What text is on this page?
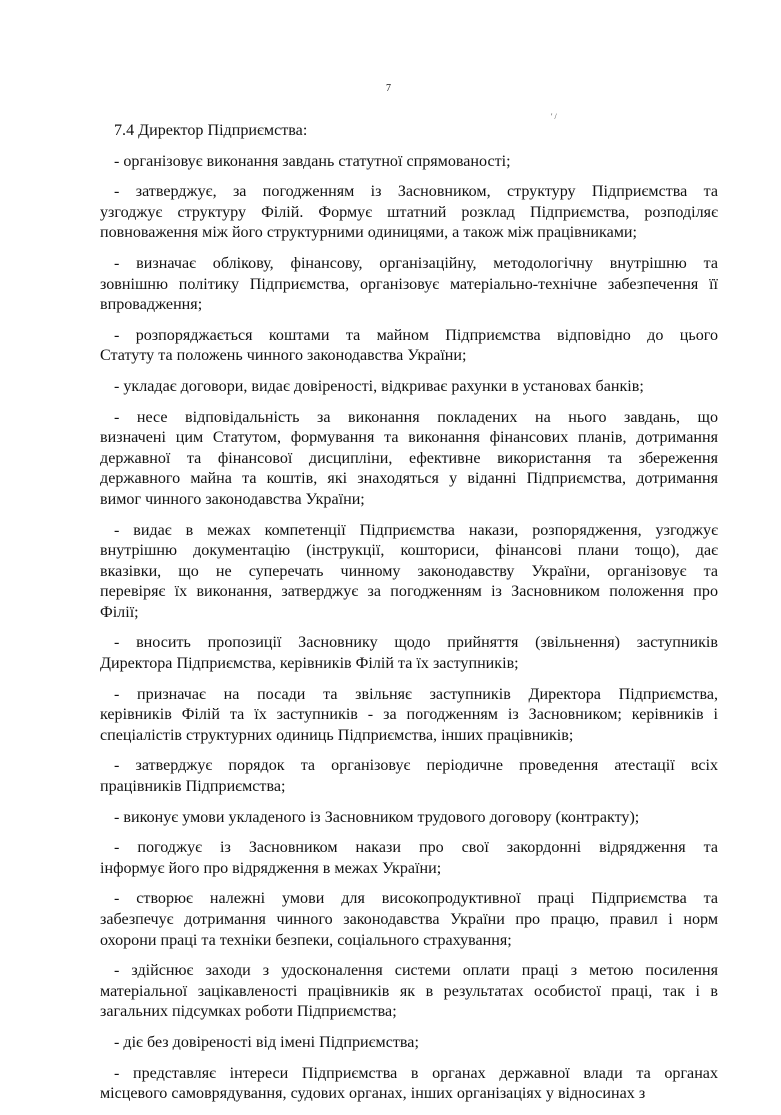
7
' /

7.4 Директор Підприємства:

- організовує виконання завдань статутної спрямованості;
- затверджує, за погодженням із Засновником, структуру Підприємства та
узгоджує структуру Філій. Формує штатний розклад Підприємства, розподіляє
повноваження між його структурними одиницями, а також між працівниками;
- визначає облікову, фінансову, організаційну, методологічну внутрішню та
зовнішню політику Підприємства, організовує матеріально-технічне забезпечення її
впровадження;
- розпоряджається коштами та майном Підприємства відповідно до цього
Статуту та положень чинного законодавства України;
- укладає договори, видає довіреності, відкриває рахунки в установах банків;
- несе відповідальність за виконання покладених на нього завдань, що
визначені цим Статутом, формування та виконання фінансових планів, дотримання
державної та фінансової дисципліни, ефективне використання та збереження
державного майна та коштів, які знаходяться у віданні Підприємства, дотримання
вимог чинного законодавства України;
- видає в межах компетенції Підприємства накази, розпорядження, узгоджує
внутрішню документацію (інструкції, кошториси, фінансові плани тощо), дає
вказівки, що не суперечать чинному законодавству України, організовує та
перевіряє їх виконання, затверджує за погодженням із Засновником положення про
Філії;
- вносить пропозиції Засновнику щодо прийняття (звільнення) заступників
Директора Підприємства, керівників Філій та їх заступників;
- призначає на посади та звільняє заступників Директора Підприємства,
керівників Філій та їх заступників - за погодженням із Засновником; керівників і
спеціалістів структурних одиниць Підприємства, інших працівників;
- затверджує порядок та організовує періодичне проведення атестації всіх
працівників Підприємства;
- виконує умови укладеного із Засновником трудового договору (контракту);
- погоджує із Засновником накази про свої закордонні відрядження та
інформує його про відрядження в межах України;
- створює належні умови для високопродуктивної праці Підприємства та
забезпечує дотримання чинного законодавства України про працю, правил і норм
охорони праці та техніки безпеки, соціального страхування;
- здійснює заходи з удосконалення системи оплати праці з метою посилення
матеріальної зацікавленості працівників як в результатах особистої праці, так і в
загальних підсумках роботи Підприємства;
- діє без довіреності від імені Підприємства;
- представляє інтереси Підприємства в органах державної влади та органах
місцевого самоврядування, судових органах, інших організаціях у відносинах з
